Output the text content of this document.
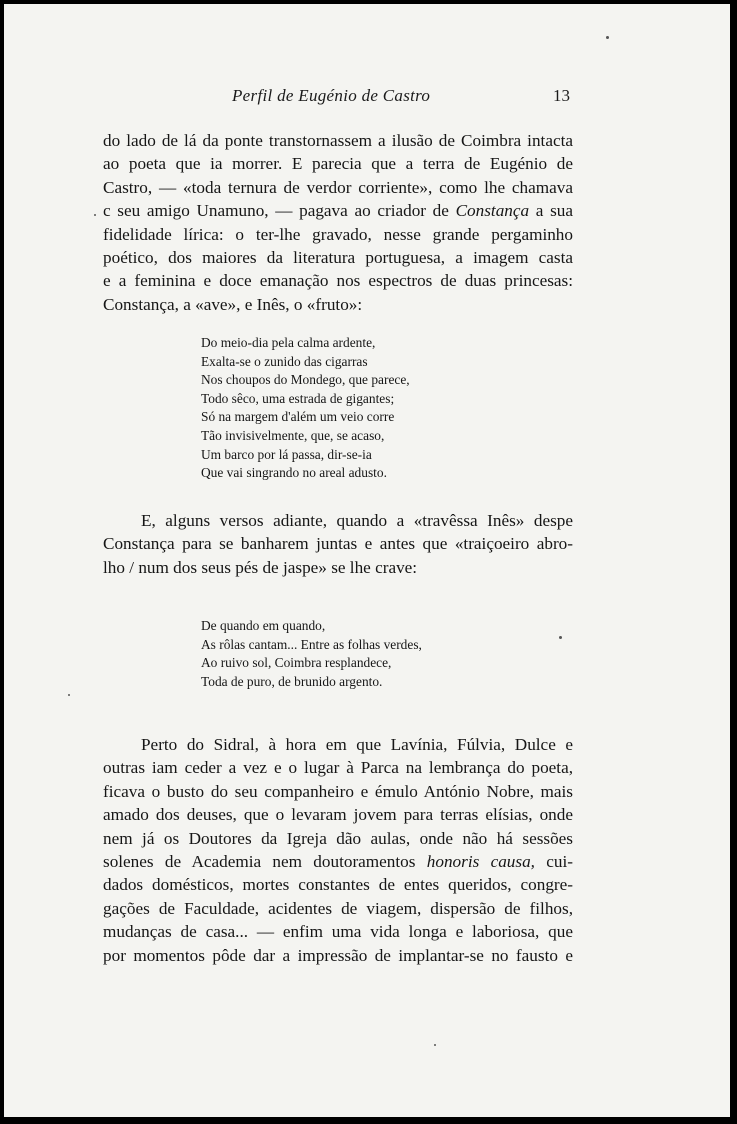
Perfil de Eugénio de Castro	13
do lado de lá da ponte transtornassem a ilusão de Coimbra intacta
ao poeta que ia morrer. E parecia que a terra de Eugénio de
Castro, — «toda ternura de verdor corriente», como lhe chamava
c seu amigo Unamuno, — pagava ao criador de Constança a sua
fidelidade lírica: o ter-lhe gravado, nesse grande pergaminho
poético, dos maiores da literatura portuguesa, a imagem casta
e a feminina e doce emanação nos espectros de duas princesas:
Constança, a «ave», e Inês, o «fruto»:
Do meio-dia pela calma ardente,
Exalta-se o zunido das cigarras
Nos choupos do Mondego, que parece,
Todo sêco, uma estrada de gigantes;
Só na margem d'além um veio corre
Tão invisivelmente, que, se acaso,
Um barco por lá passa, dir-se-ia
Que vai singrando no areal adusto.
E, alguns versos adiante, quando a «travêssa Inês» despe
Constança para se banharem juntas e antes que «traiçoeiro abro-
lho / num dos seus pés de jaspe» se lhe crave:
De quando em quando,
As rôlas cantam... Entre as folhas verdes,
Ao ruivo sol, Coimbra resplandece,
Toda de puro, de brunido argento.
Perto do Sidral, à hora em que Lavínia, Fúlvia, Dulce e
outras iam ceder a vez e o lugar à Parca na lembrança do poeta,
ficava o busto do seu companheiro e émulo António Nobre, mais
amado dos deuses, que o levaram jovem para terras elísias, onde
nem já os Doutores da Igreja dão aulas, onde não há sessões
solenes de Academia nem doutoramentos honoris causa, cui-
dados domésticos, mortes constantes de entes queridos, congre-
gações de Faculdade, acidentes de viagem, dispersão de filhos,
mudanças de casa... — enfim uma vida longa e laboriosa, que
por momentos pôde dar a impressão de implantar-se no fausto e
